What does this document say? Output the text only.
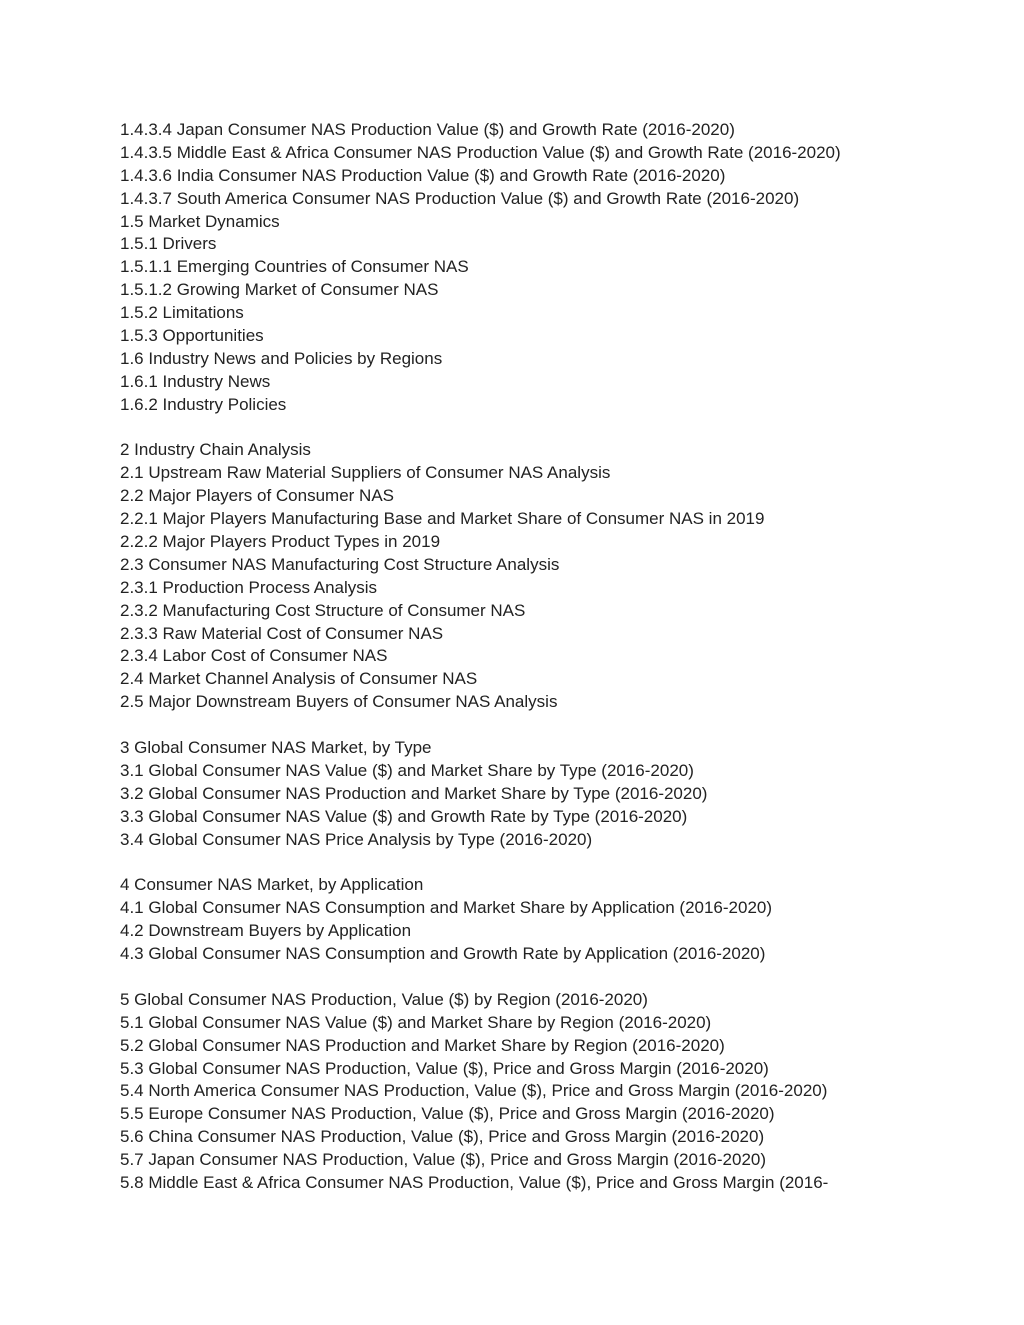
1.4.3.4 Japan Consumer NAS Production Value ($) and Growth Rate (2016-2020)
1.4.3.5 Middle East & Africa Consumer NAS Production Value ($) and Growth Rate (2016-2020)
1.4.3.6 India Consumer NAS Production Value ($) and Growth Rate (2016-2020)
1.4.3.7 South America Consumer NAS Production Value ($) and Growth Rate (2016-2020)
1.5 Market Dynamics
1.5.1 Drivers
1.5.1.1 Emerging Countries of Consumer NAS
1.5.1.2 Growing Market of Consumer NAS
1.5.2 Limitations
1.5.3 Opportunities
1.6 Industry News and Policies by Regions
1.6.1 Industry News
1.6.2 Industry Policies
2 Industry Chain Analysis
2.1 Upstream Raw Material Suppliers of Consumer NAS Analysis
2.2 Major Players of Consumer NAS
2.2.1 Major Players Manufacturing Base and Market Share of Consumer NAS in 2019
2.2.2 Major Players Product Types in 2019
2.3 Consumer NAS Manufacturing Cost Structure Analysis
2.3.1 Production Process Analysis
2.3.2 Manufacturing Cost Structure of Consumer NAS
2.3.3 Raw Material Cost of Consumer NAS
2.3.4 Labor Cost of Consumer NAS
2.4 Market Channel Analysis of Consumer NAS
2.5 Major Downstream Buyers of Consumer NAS Analysis
3 Global Consumer NAS Market, by Type
3.1 Global Consumer NAS Value ($) and Market Share by Type (2016-2020)
3.2 Global Consumer NAS Production and Market Share by Type (2016-2020)
3.3 Global Consumer NAS Value ($) and Growth Rate by Type (2016-2020)
3.4 Global Consumer NAS Price Analysis by Type (2016-2020)
4 Consumer NAS Market, by Application
4.1 Global Consumer NAS Consumption and Market Share by Application (2016-2020)
4.2 Downstream Buyers by Application
4.3 Global Consumer NAS Consumption and Growth Rate by Application (2016-2020)
5 Global Consumer NAS Production, Value ($) by Region (2016-2020)
5.1 Global Consumer NAS Value ($) and Market Share by Region (2016-2020)
5.2 Global Consumer NAS Production and Market Share by Region (2016-2020)
5.3 Global Consumer NAS Production, Value ($), Price and Gross Margin (2016-2020)
5.4 North America Consumer NAS Production, Value ($), Price and Gross Margin (2016-2020)
5.5 Europe Consumer NAS Production, Value ($), Price and Gross Margin (2016-2020)
5.6 China Consumer NAS Production, Value ($), Price and Gross Margin (2016-2020)
5.7 Japan Consumer NAS Production, Value ($), Price and Gross Margin (2016-2020)
5.8 Middle East & Africa Consumer NAS Production, Value ($), Price and Gross Margin (2016-
